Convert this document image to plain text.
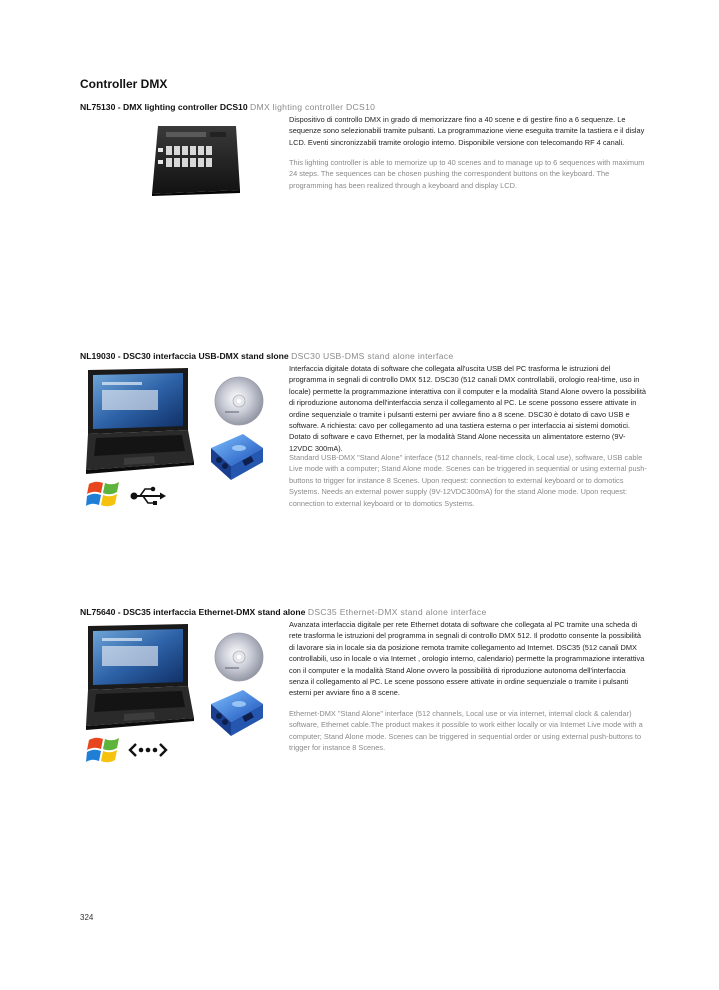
Controller DMX
NL75130 - DMX lighting controller DCS10 DMX lighting controller DCS10
Dispositivo di controllo DMX in grado di memorizzare fino a 40 scene e di gestire fino a 6 sequenze. Le sequenze sono selezionabili tramite pulsanti. La programmazione viene eseguita tramite la tastiera e il dislay LCD. Eventi sincronizzabili tramite orologio interno. Disponibile versione con telecomando RF 4 canali.
This lighting controller is able to memorize up to 40 scenes and to manage up to 6 sequences with maximum 24 steps. The sequences can be chosen pushing the correspondent buttons on the keyboard. The programming has been realized through a keyboard and display LCD.
NL19030 - DSC30 interfaccia USB-DMX stand slone DSC30 USB-DMS stand alone interface
Interfaccia digitale dotata di software che collegata all'uscita USB del PC trasforma le istruzioni del programma in segnali di controllo DMX 512. DSC30 (512 canali DMX controllabili, orologio real-time, uso in locale) permette la programmazione interattiva con il computer e la modalità Stand Alone ovvero la possibilità di riproduzione autonoma dell'interfaccia senza il collegamento al PC. Le scene possono essere attivate in ordine sequenziale o tramite i pulsanti esterni per avviare fino a 8 scene. DSC30 è dotato di cavo USB e software. A richiesta: cavo per collegamento ad una tastiera esterna o per interfaccia ai sistemi domotici. Dotato di software e cavo Ethernet, per la modalità Stand Alone necessita un alimentatore esterno (9V-12VDC 300mA).
Standard USB-DMX "Stand Alone" interface (512 channels, real-time clock, Local use), software, USB cable Live mode with a computer; Stand Alone mode. Scenes can be triggered in sequential or using external push-buttons to trigger for instance 8 Scenes. Upon request: connection to external keyboard or to domotics Systems. Needs an external power supply (9V-12VDC300mA) for the stand Alone mode. Upon request: connection to external keyboard or to domotics Systems.
NL75640 - DSC35 interfaccia Ethernet-DMX stand alone DSC35 Ethernet-DMX stand alone interface
Avanzata interfaccia digitale per rete Ethernet dotata di software che collegata al PC tramite una scheda di rete trasforma le istruzioni del programma in segnali di controllo DMX 512. Il prodotto consente la possibilità di lavorare sia in locale sia da posizione remota tramite collegamento ad Internet. DSC35 (512 canali DMX controllabili, uso in locale o via Internet , orologio interno, calendario) permette la programmazione interattiva con il computer e la modalità Stand Alone ovvero la possibilità di riproduzione autonoma dell'interfaccia senza il collegamento al PC. Le scene possono essere attivate in ordine sequenziale o tramite i pulsanti esterni per avviare fino a 8 scene.
Ethernet-DMX "Stand Alone" interface (512 channels, Local use or via internet, internal clock & calendar) software, Ethernet cable.The product makes it possible to work either locally or via Internet Live mode with a computer; Stand Alone mode. Scenes can be triggered in sequential order or using external push-buttons to trigger for instance 8 Scenes.
324
